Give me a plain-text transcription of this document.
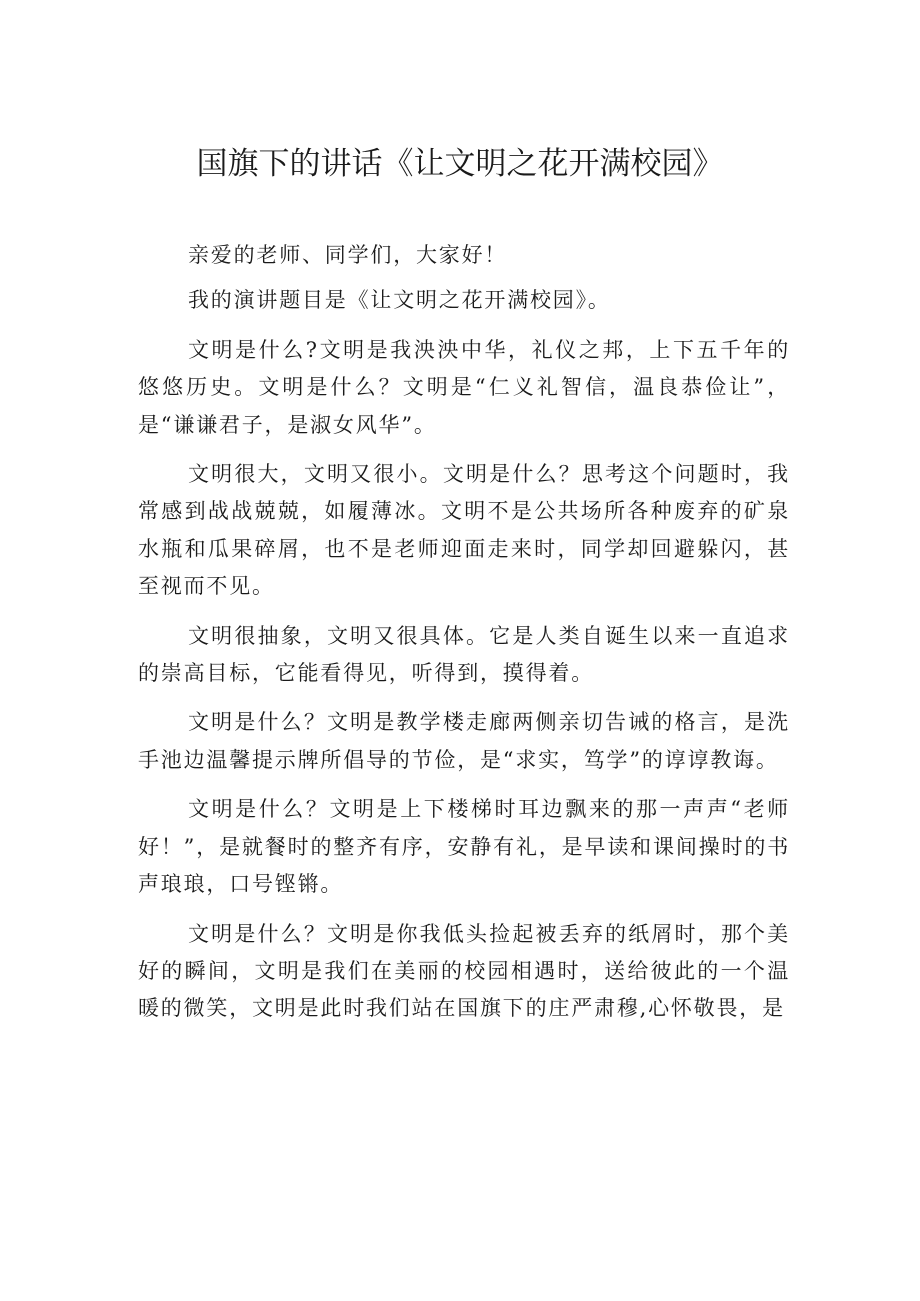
国旗下的讲话《让文明之花开满校园》

亲爱的老师、同学们，大家好！

我的演讲题目是《让文明之花开满校园》。

文明是什么?文明是我泱泱中华，礼仪之邦，上下五千年的悠悠历史。文明是什么？文明是“仁义礼智信，温良恭俭让”，是“谦谦君子，是淑女风华”。

文明很大，文明又很小。文明是什么？思考这个问题时，我常感到战战兢兢，如履薄冰。文明不是公共场所各种废弃的矿泉水瓶和瓜果碎屑，也不是老师迎面走来时，同学却回避躲闪，甚至视而不见。

文明很抽象，文明又很具体。它是人类自诞生以来一直追求的崇高目标，它能看得见，听得到，摸得着。

文明是什么？文明是教学楼走廊两侧亲切告诫的格言，是洗手池边温馨提示牌所倡导的节俭，是“求实，笃学”的谆谆教诲。

文明是什么？文明是上下楼梯时耳边飘来的那一声声“老师好！”，是就餐时的整齐有序，安静有礼，是早读和课间操时的书声琅琅，口号铿锵。

文明是什么？文明是你我低头捡起被丢弃的纸屑时，那个美好的瞬间，文明是我们在美丽的校园相遇时，送给彼此的一个温暖的微笑，文明是此时我们站在国旗下的庄严肃穆,心怀敬畏，是
